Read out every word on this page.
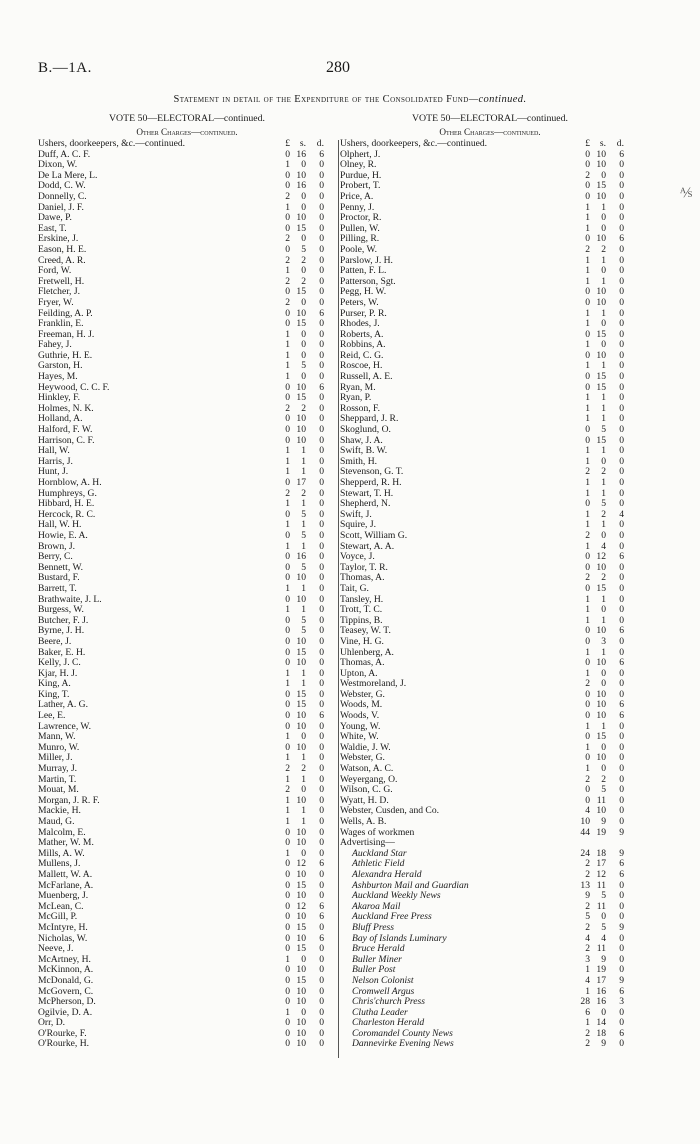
B.—1A.	280
Statement in detail of the Expenditure of the Consolidated Fund—continued.
⅍
VOTE 50—ELECTORAL—continued.
Other Charges—continued.
Ushers, doorkeepers, &c.—continued.	£	s. d.
Duff, A. C. F.	0 16	6
Dixon, W.	1	0	0
De La Mere, L.	0 10	0
Dodd, C. W.	0 16	0
Donnelly, C.	2	0	0
Daniel, J. F.	1	0	0
Dawe, P.	0 10	0
East, T.	0 15	0
Erskine, J.	2	0	0
Eason, H. E.	0	5	0
Creed, A. R.	2	2	0
Ford, W.	1	0	0
Fretwell, H.	2	2	0
Fletcher, J.	0 15	0
Fryer, W.	2	0	0
Feilding, A. P.	0 10	6
Franklin, E.	0 15	0
Freeman, H. J.	1	0	0
Fahey, J.	1	0	0
Guthrie, H. E.	1	0	0
Garston, H.	1	5	0
Hayes, M.	1	0	0
Heywood, C. C. F.	0 10	6
Hinkley, F.	0 15	0
Holmes, N. K.	2	2	0
Holland, A.	0 10	0
Halford, F. W.	0 10	0
Harrison, C. F.	0 10	0
Hall, W.	1	1	0
Harris, J.	1	1	0
Hunt, J.	1	1	0
Hornblow, A. H.	0 17	0
Humphreys, G.	2	2	0
Hibbard, H. E.	1	1	0
Hercock, R. C.	0	5	0
Hall, W. H.	1	1	0
Howie, E. A.	0	5	0
Brown, J.	1	1	0
Berry, C.	0 16	0
Bennett, W.	0	5	0
Bustard, F.	0 10	0
Barrett, T.	1	1	0
Brathwaite, J. L.	0 10	0
Burgess, W.	1	1	0
Butcher, F. J.	0	5	0
Byrne, J. H.	0	5	0
Beere, J.	0 10	0
Baker, E. H.	0 15	0
Kelly, J. C.	0 10	0
Kjar, H. J.	1	1	0
King, A.	1	1	0
King, T.	0 15	0
Lather, A. G.	0 15	0
Lee, E.	0 10	6
Lawrence, W.	0 10	0
Mann, W.	1	0	0
Munro, W.	0 10	0
Miller, J.	1	1	0
Murray, J.	2	2	0
Martin, T.	1	1	0
Mouat, M.	2	0	0
Morgan, J. R. F.	1 10	0
Mackie, H.	1	1	0
Maud, G.	1	1	0
Malcolm, E.	0 10	0
Mather, W. M.	0 10	0
Mills, A. W.	1	0	0
Mullens, J.	0 12	6
Mallett, W. A.	0 10	0
McFarlane, A.	0 15	0
Muenberg, J.	0 10	0
McLean, C.	0 12	6
McGill, P.	0 10	6
McIntyre, H.	0 15	0
Nicholas, W.	0 10	6
Neeve, J.	0 15	0
McArtney, H.	1	0	0
McKinnon, A.	0 10	0
McDonald, G.	0 15	0
McGovern, C.	0 10	0
McPherson, D.	0 10	0
Ogilvie, D. A.	1	0	0
Orr, D.	0 10	0
O'Rourke, F.	0 10	0
O'Rourke, H.	0 10	0
VOTE 50—ELECTORAL—continued.
Other Charges—continued.
Ushers, doorkeepers, &c.—continued.	£	s. d.
Olphert, J.	0 10	6
Olney, R.	0 10	0
Purdue, H.	2	0	0
Probert, T.	0 15	0
Price, A.	0 10	0
Penny, J.	1	1	0
Proctor, R.	1	0	0
Pullen, W.	1	0	0
Pilling, R.	0 10	6
Poole, W.	2	2	0
Parslow, J. H.	1	1	0
Patten, F. L.	1	0	0
Patterson, Sgt.	1	1	0
Pegg, H. W.	0 10	0
Peters, W.	0 10	0
Purser, P. R.	1	1	0
Rhodes, J.	1	0	0
Roberts, A.	0 15	0
Robbins, A.	1	0	0
Reid, C. G.	0 10	0
Roscoe, H.	1	1	0
Russell, A. E.	0 15	0
Ryan, M.	0 15	0
Ryan, P.	1	1	0
Rosson, F.	1	1	0
Sheppard, J. R.	1	1	0
Skoglund, O.	0	5	0
Shaw, J. A.	0 15	0
Swift, B. W.	1	1	0
Smith, H.	1	0	0
Stevenson, G. T.	2	2	0
Shepperd, R. H.	1	1	0
Stewart, T. H.	1	1	0
Shepherd, N.	0	5	0
Swift, J.	1	2	4
Squire, J.	1	1	0
Scott, William G.	2	0	0
Stewart, A. A.	1	4	0
Voyce, J.	0 12	6
Taylor, T. R.	0 10	0
Thomas, A.	2	2	0
Tait, G.	0 15	0
Tansley, H.	1	1	0
Trott, T. C.	1	0	0
Tippins, B.	1	1	0
Teasey, W. T.	0 10	6
Vine, H. G.	0	3	0
Uhlenberg, A.	1	1	0
Thomas, A.	0 10	6
Upton, A.	1	0	0
Westmoreland, J.	2	0	0
Webster, G.	0 10	0
Woods, M.	0 10	6
Woods, V.	0 10	6
Young, W.	1	1	0
White, W.	0 15	0
Waldie, J. W.	1	0	0
Webster, G.	0 10	0
Watson, A. C.	1	0	0
Weyergang, O.	2	2	0
Wilson, C. G.	0	5	0
Wyatt, H. D.	0 11	0
Webster, Cusden, and Co.	4 10	0
Wells, A. B.	10	9	0
Wages of workmen	44 19	9
Advertising—
Auckland Star	24 18	9
Athletic Field	2 17	6
Alexandra Herald	2 12	6
Ashburton Mail and Guardian	13 11	0
Auckland Weekly News	9	5	0
Akaroa Mail	2 11	0
Auckland Free Press	5	0	0
Bluff Press	2	5	9
Bay of Islands Luminary	4	4	0
Bruce Herald	2 11	0
Buller Miner	3	9	0
Buller Post	1 19	0
Nelson Colonist	4 17	9
Cromwell Argus	1 16	6
Chris'church Press	28 16	3
Clutha Leader	6	0	0
Charleston Herald	1 14	0
Coromandel County News	2 18	6
Dannevirke Evening News	2	9	0
